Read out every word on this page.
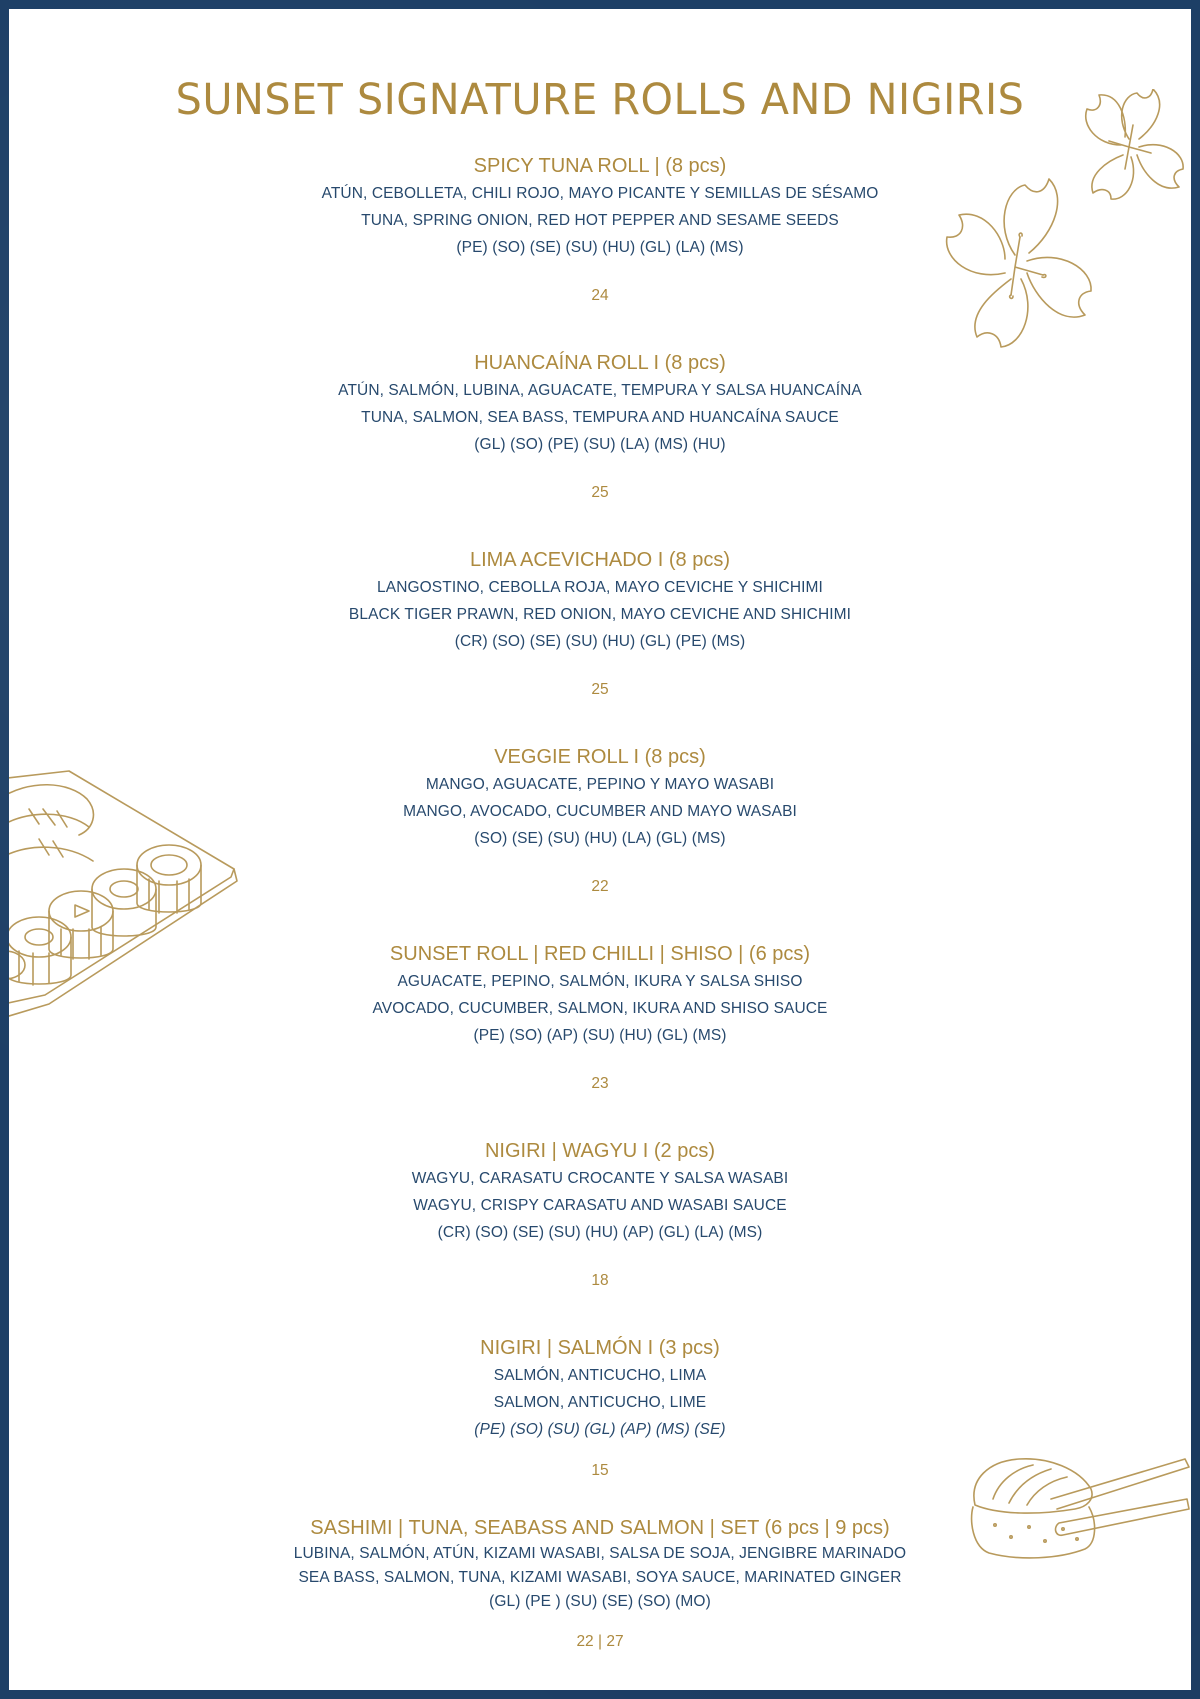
SUNSET SIGNATURE ROLLS AND NIGIRIS

SPICY TUNA ROLL | (8 pcs)

ATÚN, CEBOLLETA, CHILI ROJO, MAYO PICANTE Y SEMILLAS DE SÉSAMO

TUNA, SPRING ONION, RED HOT PEPPER AND SESAME SEEDS

(PE) (SO) (SE) (SU) (HU) (GL) (LA) (MS)

24

HUANCAÍNA ROLL I (8 pcs)

ATÚN, SALMÓN, LUBINA, AGUACATE, TEMPURA Y SALSA HUANCAÍNA

TUNA, SALMON, SEA BASS, TEMPURA AND HUANCAÍNA SAUCE

(GL) (SO) (PE) (SU) (LA) (MS) (HU)

25

LIMA ACEVICHADO I (8 pcs)

LANGOSTINO, CEBOLLA ROJA, MAYO CEVICHE Y SHICHIMI

BLACK TIGER PRAWN, RED ONION, MAYO CEVICHE AND SHICHIMI

(CR) (SO) (SE) (SU) (HU) (GL) (PE) (MS)

25

VEGGIE ROLL I (8 pcs)

MANGO, AGUACATE, PEPINO Y MAYO WASABI

MANGO, AVOCADO, CUCUMBER AND MAYO WASABI

(SO) (SE) (SU) (HU) (LA) (GL) (MS)

22

SUNSET ROLL | RED CHILLI | SHISO | (6 pcs)

AGUACATE, PEPINO, SALMÓN, IKURA Y SALSA SHISO

AVOCADO, CUCUMBER, SALMON, IKURA AND SHISO SAUCE

(PE) (SO) (AP) (SU) (HU) (GL) (MS)

23

NIGIRI | WAGYU I (2 pcs)

WAGYU, CARASATU CROCANTE Y SALSA WASABI

WAGYU, CRISPY CARASATU AND WASABI SAUCE

(CR) (SO) (SE) (SU) (HU) (AP) (GL) (LA) (MS)

18

NIGIRI | SALMÓN I (3 pcs)

SALMÓN, ANTICUCHO, LIMA

SALMON, ANTICUCHO, LIME

(PE) (SO) (SU) (GL) (AP) (MS) (SE)

15

SASHIMI | TUNA, SEABASS AND SALMON | SET (6 pcs | 9 pcs)

LUBINA, SALMÓN, ATÚN, KIZAMI WASABI, SALSA DE SOJA, JENGIBRE MARINADO

SEA BASS, SALMON, TUNA, KIZAMI WASABI, SOYA SAUCE, MARINATED GINGER

(GL) (PE ) (SU) (SE) (SO) (MO)

22 | 27
